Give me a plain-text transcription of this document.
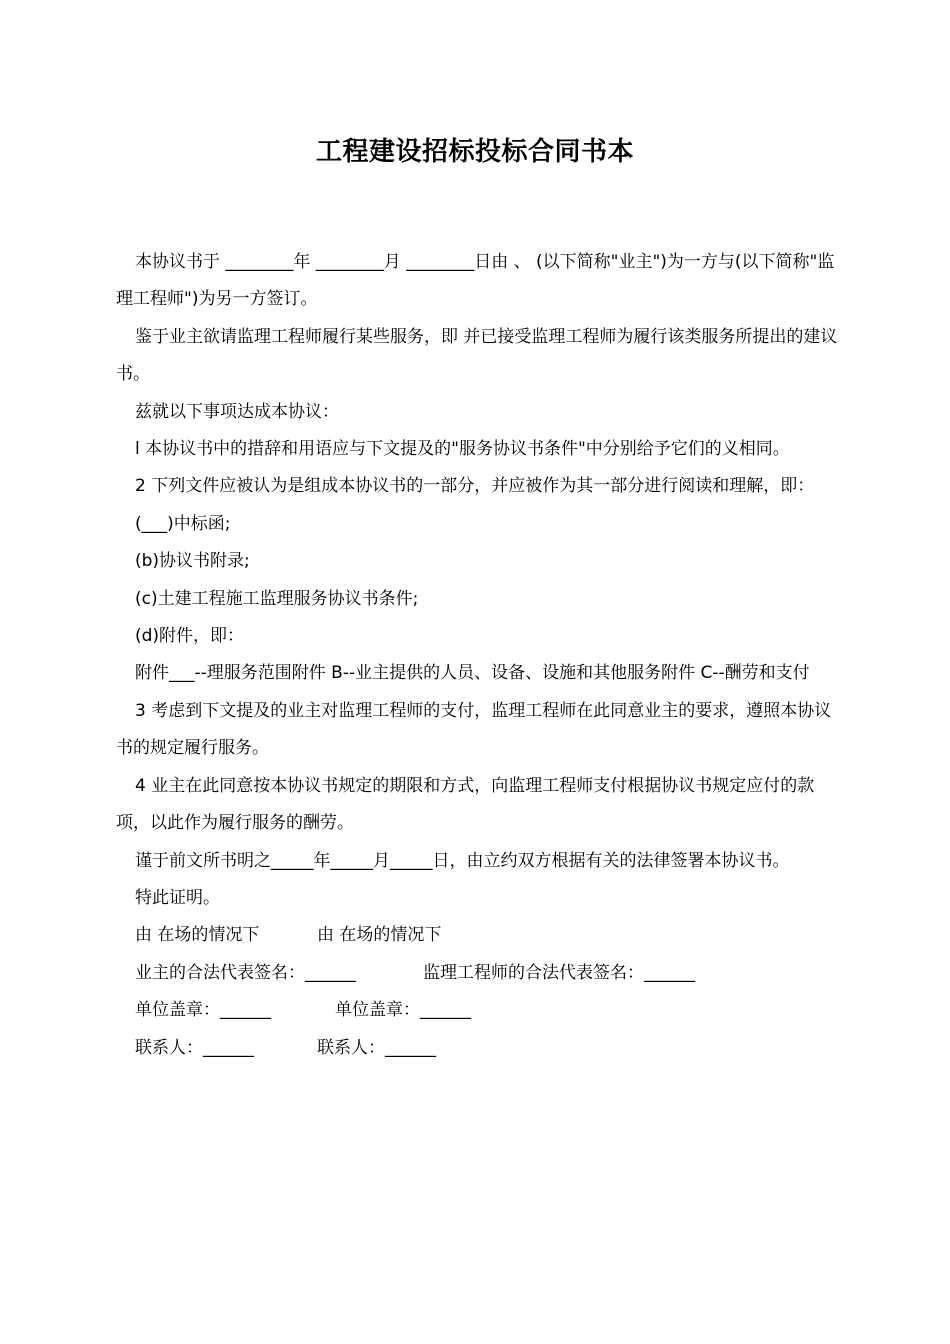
工程建设招标投标合同书本

本协议书于 ________年 ________月 ________日由 、 (以下简称"业主")为一方与(以下简称"监理工程师")为另一方签订。

鉴于业主欲请监理工程师履行某些服务，即 并已接受监理工程师为履行该类服务所提出的建议书。

兹就以下事项达成本协议：

l 本协议书中的措辞和用语应与下文提及的"服务协议书条件"中分别给予它们的义相同。

2 下列文件应被认为是组成本协议书的一部分，并应被作为其一部分进行阅读和理解，即：

(___)中标函;

(b)协议书附录;

(c)土建工程施工监理服务协议书条件;

(d)附件，即：

附件___--理服务范围附件 B--业主提供的人员、设备、设施和其他服务附件 C--酬劳和支付

3 考虑到下文提及的业主对监理工程师的支付，监理工程师在此同意业主的要求，遵照本协议书的规定履行服务。

4 业主在此同意按本协议书规定的期限和方式，向监理工程师支付根据协议书规定应付的款项，以此作为履行服务的酬劳。

谨于前文所书明之_____年_____月_____日，由立约双方根据有关的法律签署本协议书。

特此证明。

由 在场的情况下	由 在场的情况下
业主的合法代表签名：______	监理工程师的合法代表签名：______
单位盖章：______	单位盖章：______
联系人：______	联系人：______
